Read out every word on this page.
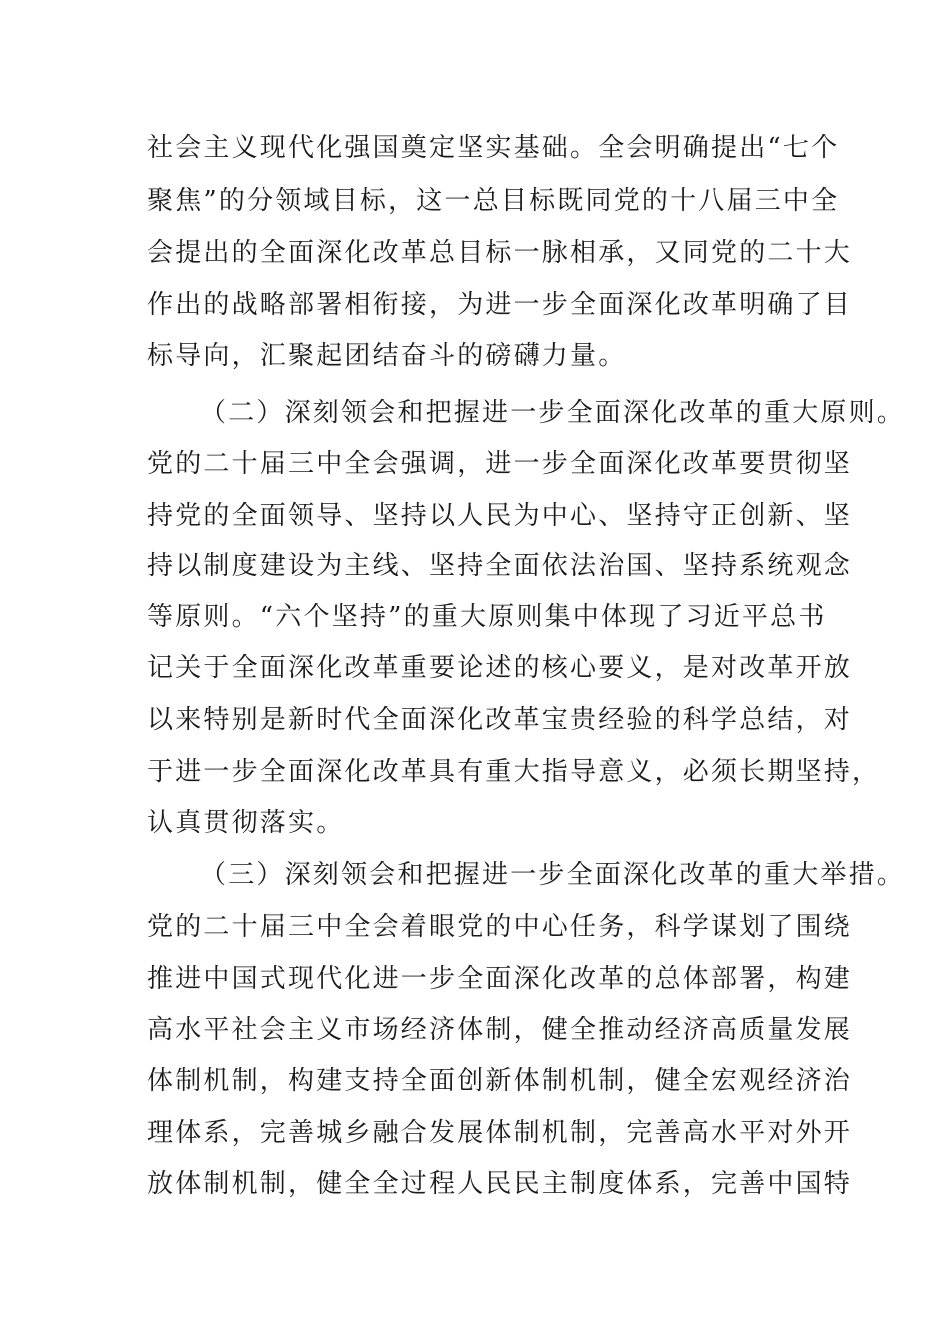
社会主义现代化强国奠定坚实基础。全会明确提出“七个
聚焦”的分领域目标，这一总目标既同党的十八届三中全
会提出的全面深化改革总目标一脉相承，又同党的二十大
作出的战略部署相衔接，为进一步全面深化改革明确了目
标导向，汇聚起团结奋斗的磅礴力量。
（二）深刻领会和把握进一步全面深化改革的重大原则。
党的二十届三中全会强调，进一步全面深化改革要贯彻坚
持党的全面领导、坚持以人民为中心、坚持守正创新、坚
持以制度建设为主线、坚持全面依法治国、坚持系统观念
等原则。“六个坚持”的重大原则集中体现了习近平总书
记关于全面深化改革重要论述的核心要义，是对改革开放
以来特别是新时代全面深化改革宝贵经验的科学总结，对
于进一步全面深化改革具有重大指导意义，必须长期坚持，
认真贯彻落实。
（三）深刻领会和把握进一步全面深化改革的重大举措。
党的二十届三中全会着眼党的中心任务，科学谋划了围绕
推进中国式现代化进一步全面深化改革的总体部署，构建
高水平社会主义市场经济体制，健全推动经济高质量发展
体制机制，构建支持全面创新体制机制，健全宏观经济治
理体系，完善城乡融合发展体制机制，完善高水平对外开
放体制机制，健全全过程人民民主制度体系，完善中国特
